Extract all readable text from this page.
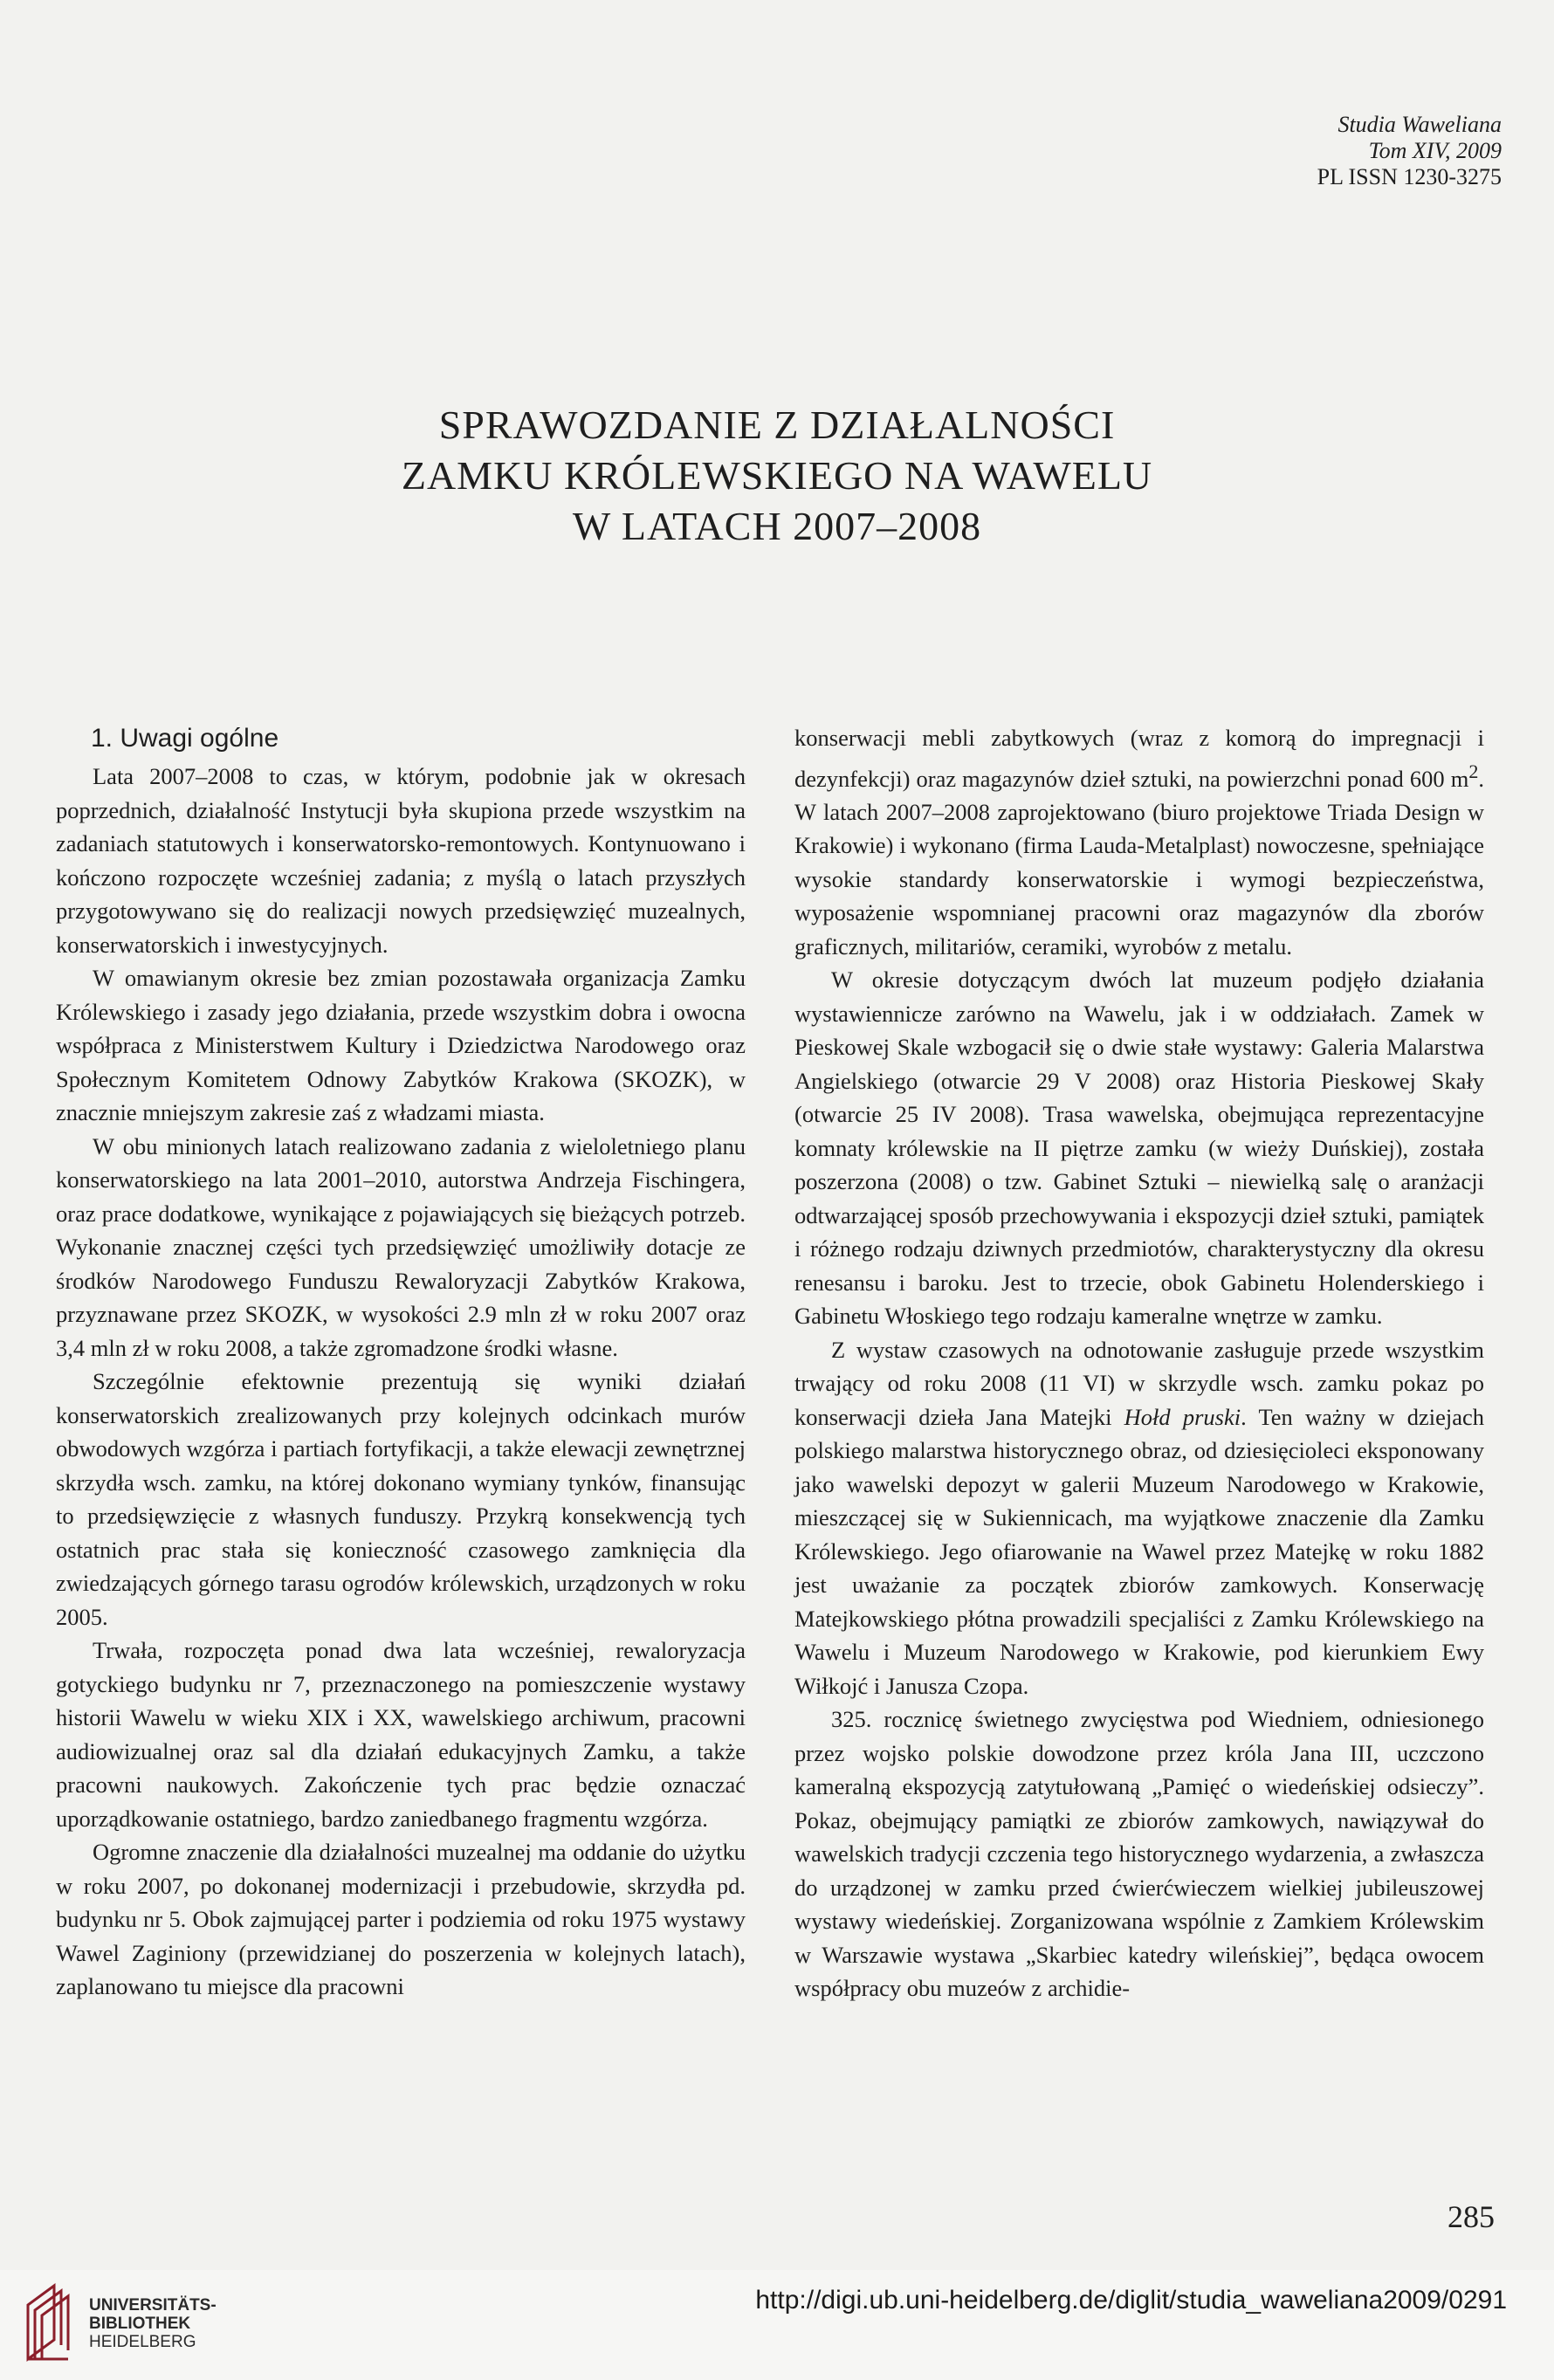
Studia Waweliana
Tom XIV, 2009
PL ISSN 1230-3275
SPRAWOZDANIE Z DZIAŁALNOŚCI
ZAMKU KRÓLEWSKIEGO NA WAWELU
W LATACH 2007–2008
1. Uwagi ogólne

Lata 2007–2008 to czas, w którym, podobnie jak w okresach poprzednich, działalność Instytucji była skupiona przede wszystkim na zadaniach statutowych i konserwatorsko-remontowych. Kontynuowano i kończono rozpoczęte wcześniej zadania; z myślą o latach przyszłych przygotowywano się do realizacji nowych przedsięwzięć muzealnych, konserwatorskich i inwestycyjnych.

W omawianym okresie bez zmian pozostawała organizacja Zamku Królewskiego i zasady jego działania, przede wszystkim dobra i owocna współpraca z Ministerstwem Kultury i Dziedzictwa Narodowego oraz Społecznym Komitetem Odnowy Zabytków Krakowa (SKOZK), w znacznie mniejszym zakresie zaś z władzami miasta.

W obu minionych latach realizowano zadania z wieloletniego planu konserwatorskiego na lata 2001–2010, autorstwa Andrzeja Fischingera, oraz prace dodatkowe, wynikające z pojawiających się bieżących potrzeb. Wykonanie znacznej części tych przedsięwzięć umożliwiły dotacje ze środków Narodowego Funduszu Rewaloryzacji Zabytków Krakowa, przyznawane przez SKOZK, w wysokości 2.9 mln zł w roku 2007 oraz 3,4 mln zł w roku 2008, a także zgromadzone środki własne.

Szczególnie efektownie prezentują się wyniki działań konserwatorskich zrealizowanych przy kolejnych odcinkach murów obwodowych wzgórza i partiach fortyfikacji, a także elewacji zewnętrznej skrzydła wsch. zamku, na której dokonano wymiany tynków, finansując to przedsięwzięcie z własnych funduszy. Przykrą konsekwencją tych ostatnich prac stała się konieczność czasowego zamknięcia dla zwiedzających górnego tarasu ogrodów królewskich, urządzonych w roku 2005.

Trwała, rozpoczęta ponad dwa lata wcześniej, rewaloryzacja gotyckiego budynku nr 7, przeznaczonego na pomieszczenie wystawy historii Wawelu w wieku XIX i XX, wawelskiego archiwum, pracowni audiowizualnej oraz sal dla działań edukacyjnych Zamku, a także pracowni naukowych. Zakończenie tych prac będzie oznaczać uporządkowanie ostatniego, bardzo zaniedbanego fragmentu wzgórza.

Ogromne znaczenie dla działalności muzealnej ma oddanie do użytku w roku 2007, po dokonanej modernizacji i przebudowie, skrzydła pd. budynku nr 5. Obok zajmującej parter i podziemia od roku 1975 wystawy Wawel Zaginiony (przewidzianej do poszerzenia w kolejnych latach), zaplanowano tu miejsce dla pracowni

konserwacji mebli zabytkowych (wraz z komorą do impregnacji i dezynfekcji) oraz magazynów dzieł sztuki, na powierzchni ponad 600 $m^2$. W latach 2007–2008 zaprojektowano (biuro projektowe Triada Design w Krakowie) i wykonano (firma Lauda-Metalplast) nowoczesne, spełniające wysokie standardy konserwatorskie i wymogi bezpieczeństwa, wyposażenie wspomnianej pracowni oraz magazynów dla zborów graficznych, militariów, ceramiki, wyrobów z metalu.

W okresie dotyczącym dwóch lat muzeum podjęło działania wystawiennicze zarówno na Wawelu, jak i w oddziałach. Zamek w Pieskowej Skale wzbogacił się o dwie stałe wystawy: Galeria Malarstwa Angielskiego (otwarcie 29 V 2008) oraz Historia Pieskowej Skały (otwarcie 25 IV 2008). Trasa wawelska, obejmująca reprezentacyjne komnaty królewskie na II piętrze zamku (w wieży Duńskiej), została poszerzona (2008) o tzw. Gabinet Sztuki – niewielką salę o aranżacji odtwarzającej sposób przechowywania i ekspozycji dzieł sztuki, pamiątek i różnego rodzaju dziwnych przedmiotów, charakterystyczny dla okresu renesansu i baroku. Jest to trzecie, obok Gabinetu Holenderskiego i Gabinetu Włoskiego tego rodzaju kameralne wnętrze w zamku.

Z wystaw czasowych na odnotowanie zasługuje przede wszystkim trwający od roku 2008 (11 VI) w skrzydle wsch. zamku pokaz po konserwacji dzieła Jana Matejki Hołd pruski. Ten ważny w dziejach polskiego malarstwa historycznego obraz, od dziesięcioleci eksponowany jako wawelski depozyt w galerii Muzeum Narodowego w Krakowie, mieszczącej się w Sukiennicach, ma wyjątkowe znaczenie dla Zamku Królewskiego. Jego ofiarowanie na Wawel przez Matejkę w roku 1882 jest uważanie za początek zbiorów zamkowych. Konserwację Matejkowskiego płótna prowadzili specjaliści z Zamku Królewskiego na Wawelu i Muzeum Narodowego w Krakowie, pod kierunkiem Ewy Wiłkojć i Janusza Czopa.

325. rocznicę świetnego zwycięstwa pod Wiedniem, odniesionego przez wojsko polskie dowodzone przez króla Jana III, uczczono kameralną ekspozycją zatytułowaną „Pamięć o wiedeńskiej odsieczy”. Pokaz, obejmujący pamiątki ze zbiorów zamkowych, nawiązywał do wawelskich tradycji czczenia tego historycznego wydarzenia, a zwłaszcza do urządzonej w zamku przed ćwierćwieczem wielkiej jubileuszowej wystawy wiedeńskiej. Zorganizowana wspólnie z Zamkiem Królewskim w Warszawie wystawa „Skarbiec katedry wileńskiej”, będąca owocem współpracy obu muzeów z archidie-

285
UNIVERSITÄTS-
BIBLIOTHEK
HEIDELBERG
http://digi.ub.uni-heidelberg.de/diglit/studia_waweliana2009/0291
